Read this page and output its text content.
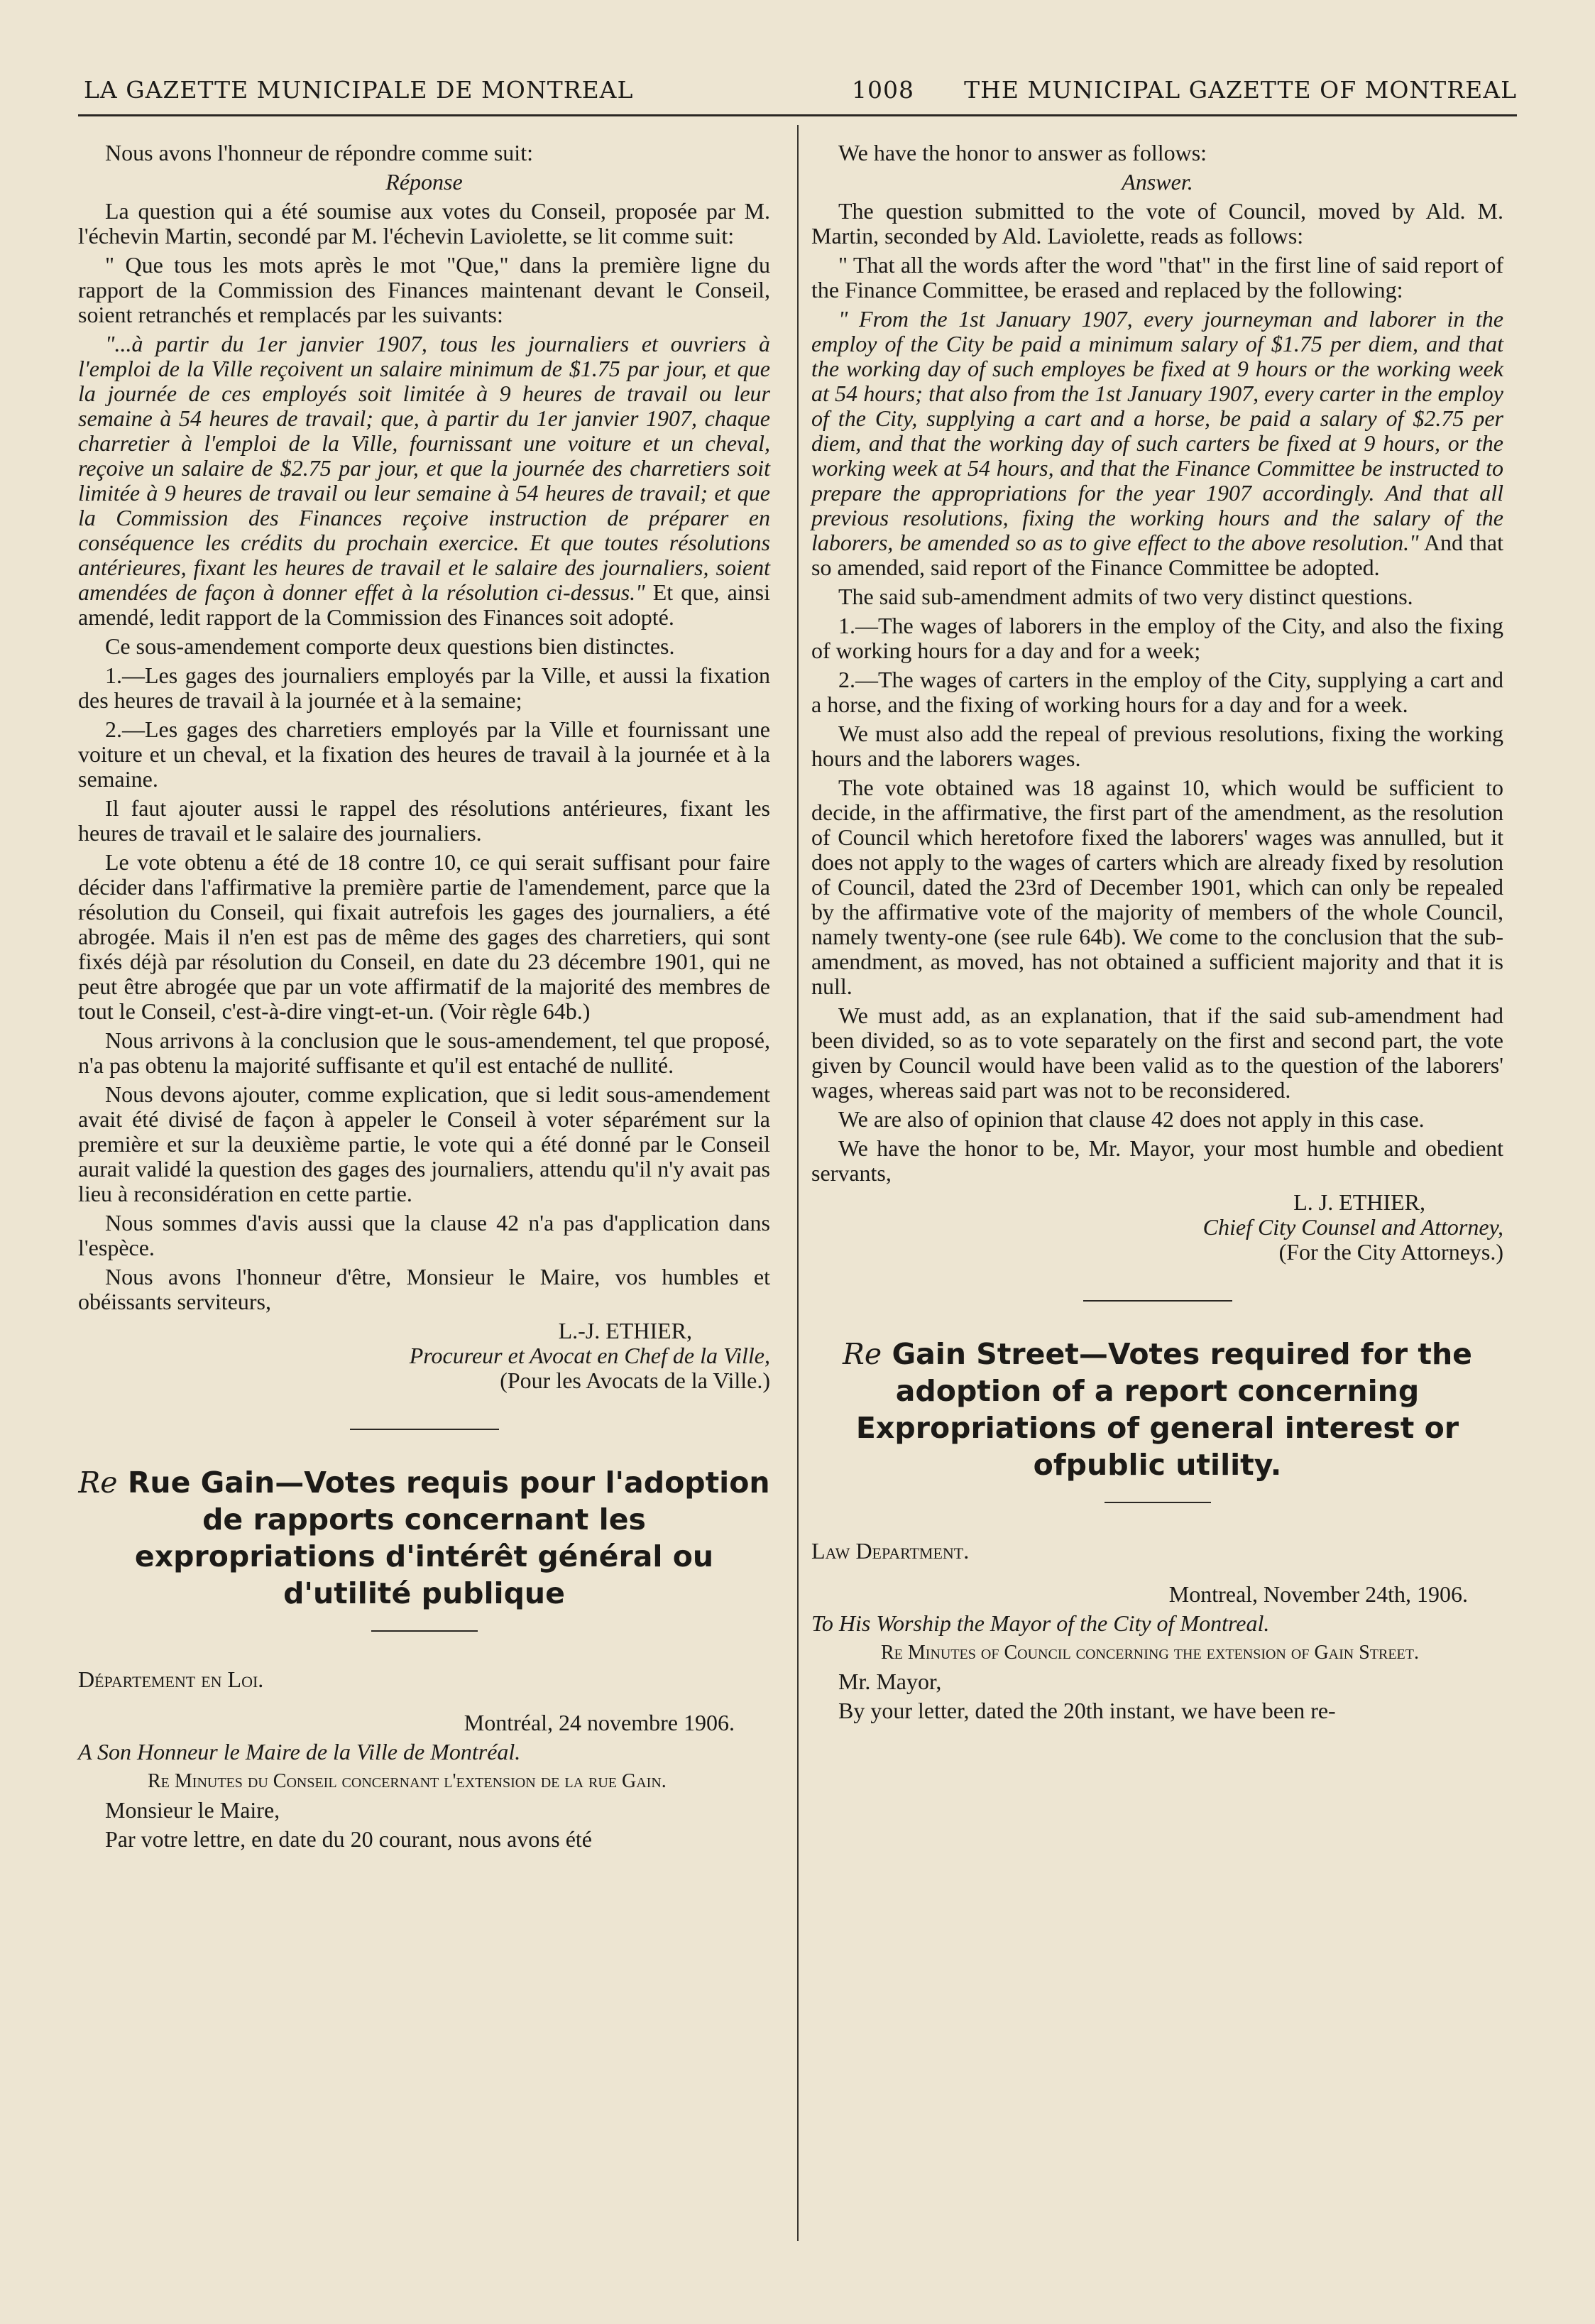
LA GAZETTE MUNICIPALE DE MONTREAL	1008 THE MUNICIPAL GAZETTE OF MONTREAL

Nous avons l'honneur de répondre comme suit:

Réponse

La question qui a été soumise aux votes du Conseil, proposée par M. l'échevin Martin, secondé par M. l'échevin Laviolette, se lit comme suit:

" Que tous les mots après le mot "Que," dans la première ligne du rapport de la Commission des Finances maintenant devant le Conseil, soient retranchés et remplacés par les suivants:

"...à partir du 1er janvier 1907, tous les journaliers et ouvriers à l'emploi de la Ville reçoivent un salaire minimum de $1.75 par jour, et que la journée de ces employés soit limitée à 9 heures de travail ou leur semaine à 54 heures de travail; que, à partir du 1er janvier 1907, chaque charretier à l'emploi de la Ville, fournissant une voiture et un cheval, reçoive un salaire de $2.75 par jour, et que la journée des charretiers soit limitée à 9 heures de travail ou leur semaine à 54 heures de travail; et que la Commission des Finances reçoive instruction de préparer en conséquence les crédits du prochain exercice. Et que toutes résolutions antérieures, fixant les heures de travail et le salaire des journaliers, soient amendées de façon à donner effet à la résolution ci-dessus." Et que, ainsi amendé, ledit rapport de la Commission des Finances soit adopté.

Ce sous-amendement comporte deux questions bien distinctes.

1.—Les gages des journaliers employés par la Ville, et aussi la fixation des heures de travail à la journée et à la semaine;

2.—Les gages des charretiers employés par la Ville et fournissant une voiture et un cheval, et la fixation des heures de travail à la journée et à la semaine.

Il faut ajouter aussi le rappel des résolutions antérieures, fixant les heures de travail et le salaire des journaliers.

Le vote obtenu a été de 18 contre 10, ce qui serait suffisant pour faire décider dans l'affirmative la première partie de l'amendement, parce que la résolution du Conseil, qui fixait autrefois les gages des journaliers, a été abrogée. Mais il n'en est pas de même des gages des charretiers, qui sont fixés déjà par résolution du Conseil, en date du 23 décembre 1901, qui ne peut être abrogée que par un vote affirmatif de la majorité des membres de tout le Conseil, c'est-à-dire vingt-et-un. (Voir règle 64b.)

Nous arrivons à la conclusion que le sous-amendement, tel que proposé, n'a pas obtenu la majorité suffisante et qu'il est entaché de nullité.

Nous devons ajouter, comme explication, que si ledit sous-amendement avait été divisé de façon à appeler le Conseil à voter séparément sur la première et sur la deuxième partie, le vote qui a été donné par le Conseil aurait validé la question des gages des journaliers, attendu qu'il n'y avait pas lieu à reconsidération en cette partie.

Nous sommes d'avis aussi que la clause 42 n'a pas d'application dans l'espèce.

Nous avons l'honneur d'être, Monsieur le Maire, vos humbles et obéissants serviteurs,

L.-J. ETHIER,

Procureur et Avocat en Chef de la Ville,

(Pour les Avocats de la Ville.)

Re Rue Gain—Votes requis pour l'adoption de rapports concernant les expropriations d'intérêt général ou d'utilité publique

Département en Loi.

Montréal, 24 novembre 1906.

A Son Honneur le Maire de la Ville de Montréal.

Re Minutes du Conseil concernant l'extension de la rue Gain.

Monsieur le Maire,

Par votre lettre, en date du 20 courant, nous avons été

We have the honor to answer as follows:

Answer.

The question submitted to the vote of Council, moved by Ald. M. Martin, seconded by Ald. Laviolette, reads as follows:

" That all the words after the word "that" in the first line of said report of the Finance Committee, be erased and replaced by the following:

" From the 1st January 1907, every journeyman and laborer in the employ of the City be paid a minimum salary of $1.75 per diem, and that the working day of such employes be fixed at 9 hours or the working week at 54 hours; that also from the 1st January 1907, every carter in the employ of the City, supplying a cart and a horse, be paid a salary of $2.75 per diem, and that the working day of such carters be fixed at 9 hours, or the working week at 54 hours, and that the Finance Committee be instructed to prepare the appropriations for the year 1907 accordingly. And that all previous resolutions, fixing the working hours and the salary of the laborers, be amended so as to give effect to the above resolution." And that so amended, said report of the Finance Committee be adopted.

The said sub-amendment admits of two very distinct questions.

1.—The wages of laborers in the employ of the City, and also the fixing of working hours for a day and for a week;

2.—The wages of carters in the employ of the City, supplying a cart and a horse, and the fixing of working hours for a day and for a week.

We must also add the repeal of previous resolutions, fixing the working hours and the laborers wages.

The vote obtained was 18 against 10, which would be sufficient to decide, in the affirmative, the first part of the amendment, as the resolution of Council which heretofore fixed the laborers' wages was annulled, but it does not apply to the wages of carters which are already fixed by resolution of Council, dated the 23rd of December 1901, which can only be repealed by the affirmative vote of the majority of members of the whole Council, namely twenty-one (see rule 64b). We come to the conclusion that the sub-amendment, as moved, has not obtained a sufficient majority and that it is null.

We must add, as an explanation, that if the said sub-amendment had been divided, so as to vote separately on the first and second part, the vote given by Council would have been valid as to the question of the laborers' wages, whereas said part was not to be reconsidered.

We are also of opinion that clause 42 does not apply in this case.

We have the honor to be, Mr. Mayor, your most humble and obedient servants,

L. J. ETHIER,

Chief City Counsel and Attorney,

(For the City Attorneys.)

Re Gain Street—Votes required for the adoption of a report concerning Expropriations of general interest or ofpublic utility.

Law Department.

Montreal, November 24th, 1906.

To His Worship the Mayor of the City of Montreal.

Re Minutes of Council concerning the extension of Gain Street.

Mr. Mayor,

By your letter, dated the 20th instant, we have been re-
